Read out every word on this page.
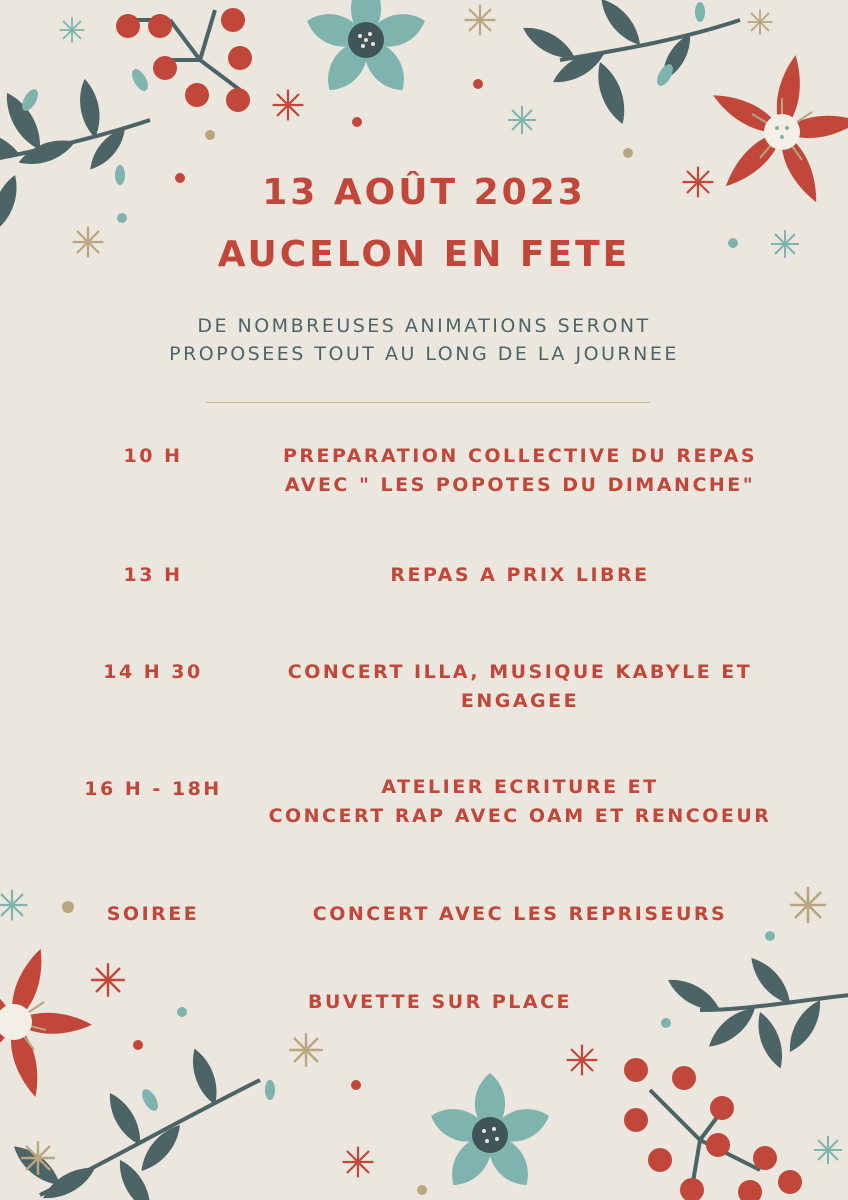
13 AOÛT 2023
AUCELON EN FETE
DE NOMBREUSES ANIMATIONS SERONT
PROPOSEES TOUT AU LONG DE LA JOURNEE
10 H	PREPARATION COLLECTIVE DU REPAS
AVEC " LES POPOTES DU DIMANCHE"
13 H	REPAS A PRIX LIBRE
14 H 30	CONCERT ILLA, MUSIQUE KABYLE ET
ENGAGEE
16 H - 18H	ATELIER ECRITURE ET
CONCERT RAP AVEC OAM ET RENCOEUR
SOIREE	CONCERT AVEC LES REPRISEURS
BUVETTE SUR PLACE
